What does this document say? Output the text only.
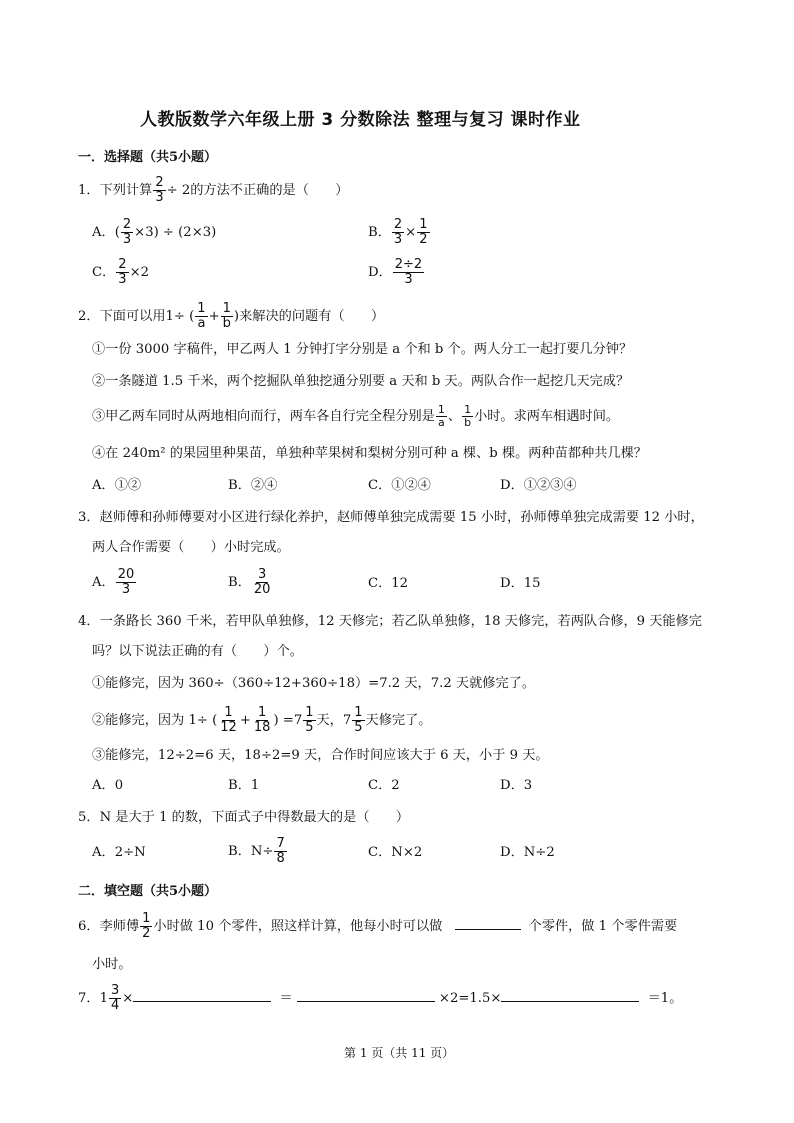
人教版数学六年级上册 3 分数除法 整理与复习 课时作业
一．选择题（共5小题）
1．下列计算 $\frac{2}{3} \div 2$的方法不正确的是（　　）
A．( $\frac{2}{3} \times 3) \div (2\times 3)$	B． $\frac{2}{3} \times \frac{1}{2}$
C． $\frac{2}{3} \times 2$	D． $\frac{2\div 2}{3}$
2．下面可以用1÷ ( $\frac{1}{a} + \frac{1}{b}$ )来解决的问题有（　　）
①一份 3000 字稿件，甲乙两人 1 分钟打字分别是 a 个和 b 个。两人分工一起打要几分钟？
②一条隧道 1.5 千米，两个挖掘队单独挖通分别要 a 天和 b 天。两队合作一起挖几天完成？
③甲乙两车同时从两地相向而行，两车各自行完全程分别是 $\frac{1}{a}$ 、 $\frac{1}{b}$ 小时。求两车相遇时间。
④在 240m² 的果园里种果苗，单独种苹果树和梨树分别可种 a 棵、b 棵。两种苗都种共几棵？
A．①②	B．②④	C．①②④	D．①②③④
3．赵师傅和孙师傅要对小区进行绿化养护，赵师傅单独完成需要 15 小时，孙师傅单独完成需要 12 小时，
两人合作需要（　　）小时完成。
A． $\frac{20}{3}$	B． $\frac{3}{20}$	C．12	D．15
4．一条路长 360 千米，若甲队单独修，12 天修完；若乙队单独修，18 天修完，若两队合修，9 天能修完
吗？以下说法正确的有（　　）个。
①能修完，因为 360÷（360÷12+360÷18）=7.2 天，7.2 天就修完了。
②能修完，因为 1÷ ( $\frac{1}{12} + \frac{1}{18}$ ) $=7 \frac{1}{5}$ 天，$7 \frac{1}{5}$ 天修完了。
③能修完，12÷2=6 天，18÷2=9 天，合作时间应该大于 6 天，小于 9 天。
A．0	B．1	C．2	D．3
5．N 是大于 1 的数，下面式子中得数最大的是（　　）
A．2÷N	B．$N\div \frac{7}{8}$	C．N×2	D．N÷2
二．填空题（共5小题）
6．李师傅 $\frac{1}{2}$ 小时做 10 个零件，照这样计算，他每小时可以做	个零件，做 1 个零件需要
小时。
7．$1 \frac{3}{4}$ ×	＝	×2=1.5×	＝1。
第 1 页（共 11 页）
